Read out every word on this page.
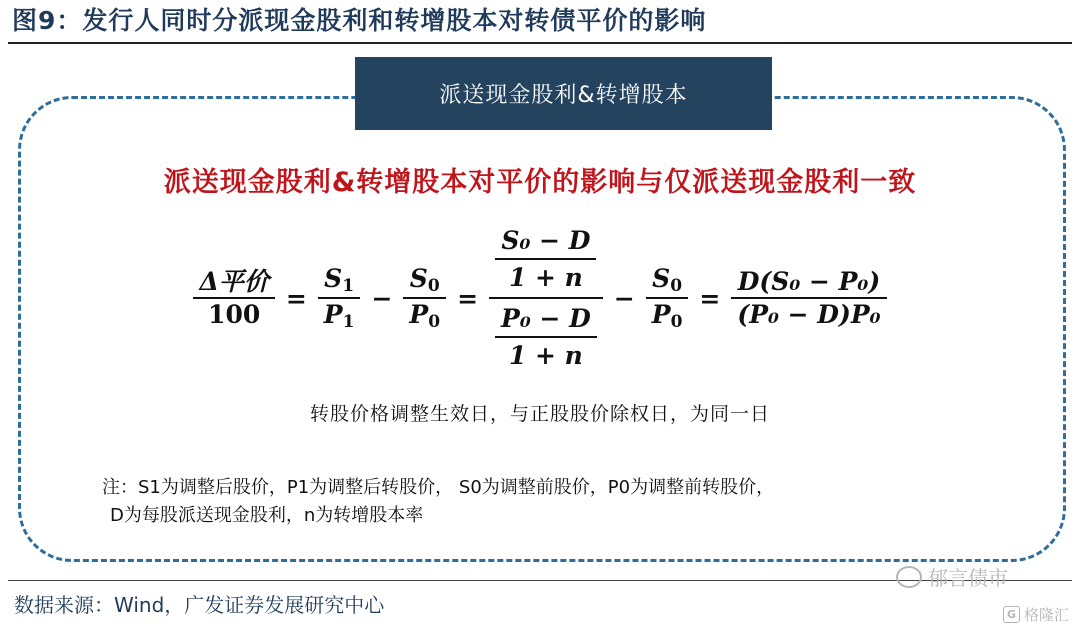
图9：发行人同时分派现金股利和转增股本对转债平价的影响
派送现金股利&转增股本
派送现金股利&转增股本对平价的影响与仅派送现金股利一致
$\frac{\text{Δ平价}}{100} = \frac{S_1}{P_1} - \frac{S_0}{P_0} = \frac{\frac{\text{S₀ − D}}{1 + n}}{\frac{\text{P₀ − D}}{1 + n}} - \frac{S_0}{P_0} = \frac{\text{D(S₀ − P₀)}}{\text{(P₀ − D)P₀}}$
转股价格调整生效日，与正股股价除权日，为同一日
注：S1为调整后股价，P1为调整后转股价， S0为调整前股价，P0为调整前转股价，
D为每股派送现金股利，n为转增股本率
数据来源：Wind，广发证券发展研究中心
郁言债市
G 格隆汇
